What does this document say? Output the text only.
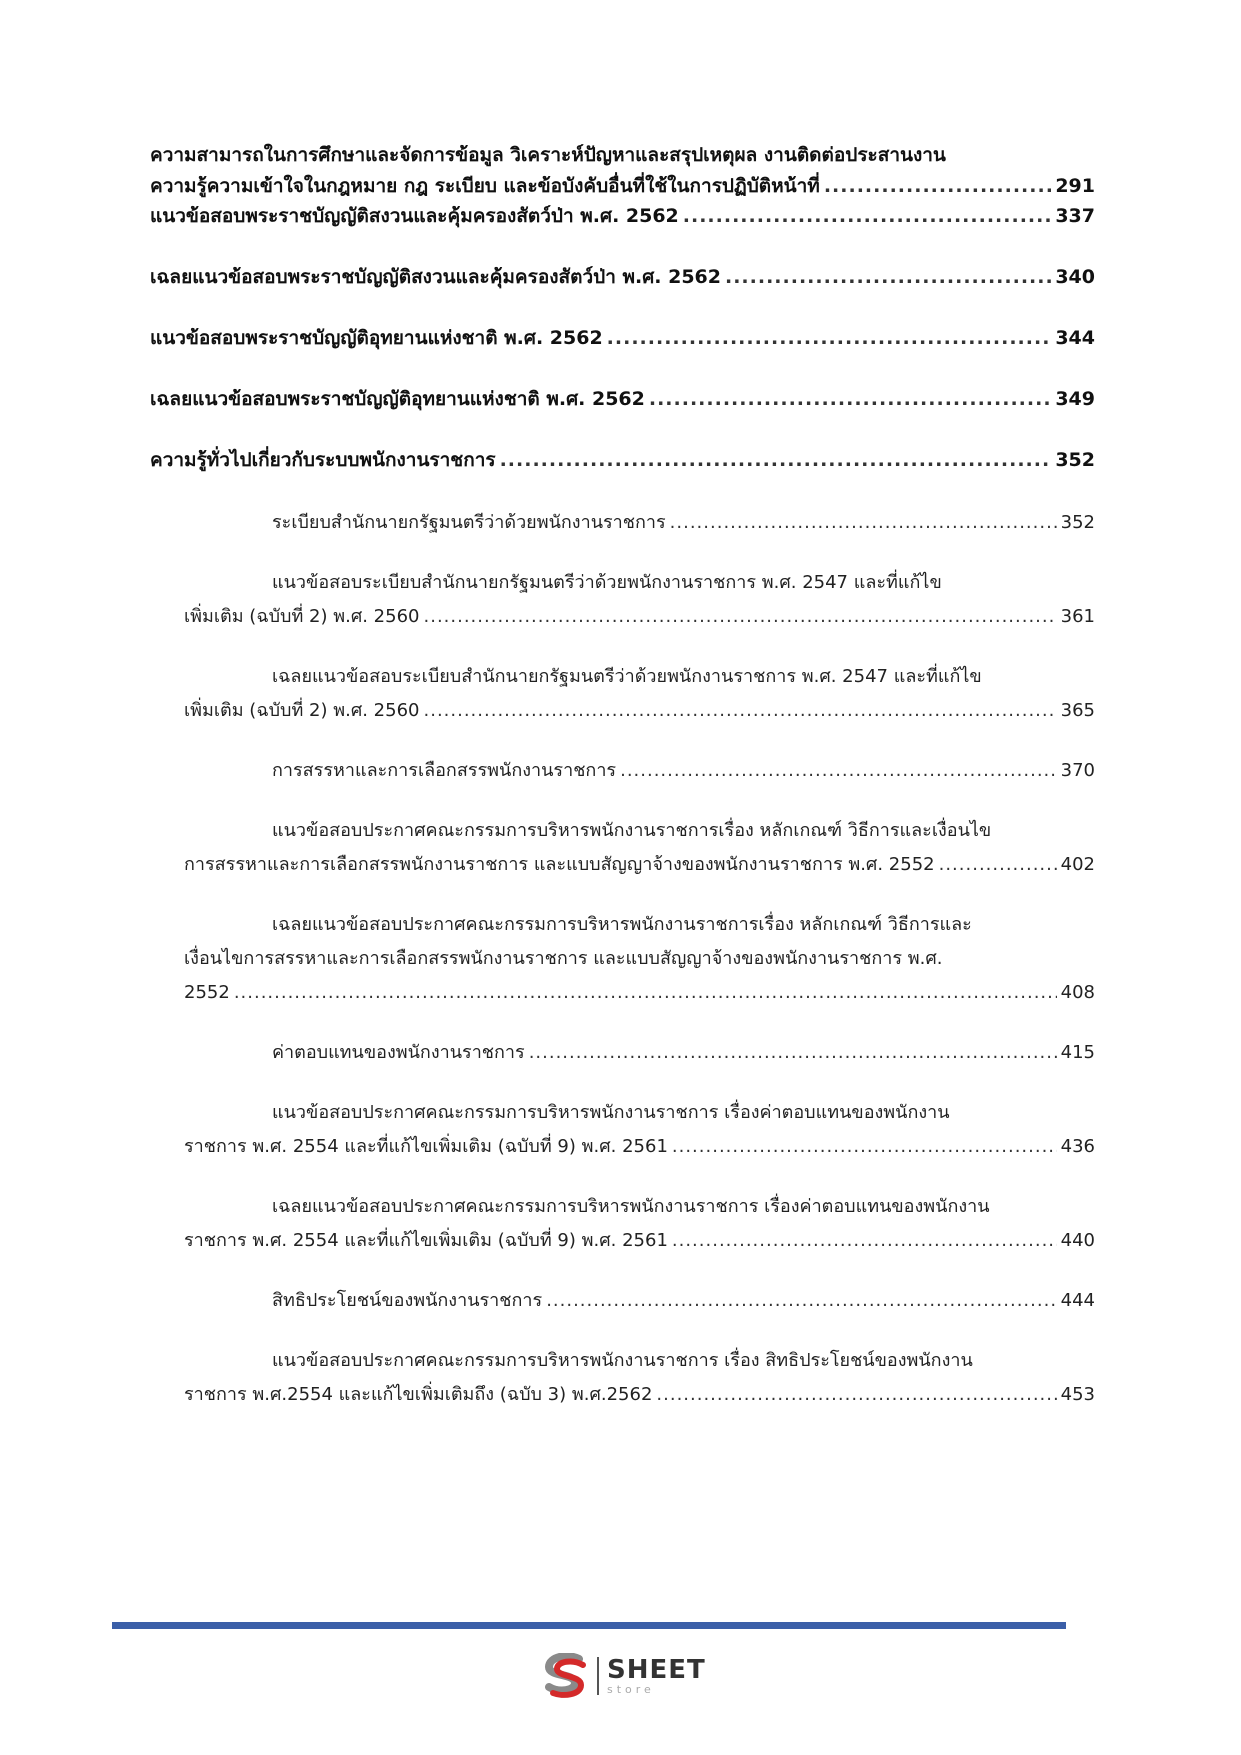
ความสามารถในการศึกษาและจัดการข้อมูล วิเคราะห์ปัญหาและสรุปเหตุผล งานติดต่อประสานงาน
ความรู้ความเข้าใจในกฎหมาย กฎ ระเบียบ และข้อบังคับอื่นที่ใช้ในการปฏิบัติหน้าที่ .....	291
แนวข้อสอบพระราชบัญญัติสงวนและคุ้มครองสัตว์ป่า พ.ศ. 2562 .....	337
เฉลยแนวข้อสอบพระราชบัญญัติสงวนและคุ้มครองสัตว์ป่า พ.ศ. 2562 .....	340
แนวข้อสอบพระราชบัญญัติอุทยานแห่งชาติ พ.ศ. 2562 .....	344
เฉลยแนวข้อสอบพระราชบัญญัติอุทยานแห่งชาติ พ.ศ. 2562 .....	349
ความรู้ทั่วไปเกี่ยวกับระบบพนักงานราชการ .....	352
ระเบียบสำนักนายกรัฐมนตรีว่าด้วยพนักงานราชการ .....	352
แนวข้อสอบระเบียบสำนักนายกรัฐมนตรีว่าด้วยพนักงานราชการ พ.ศ. 2547 และที่แก้ไข
เพิ่มเติม (ฉบับที่ 2) พ.ศ. 2560 .....	361
เฉลยแนวข้อสอบระเบียบสำนักนายกรัฐมนตรีว่าด้วยพนักงานราชการ พ.ศ. 2547 และที่แก้ไข
เพิ่มเติม (ฉบับที่ 2) พ.ศ. 2560 .....	365
การสรรหาและการเลือกสรรพนักงานราชการ .....	370
แนวข้อสอบประกาศคณะกรรมการบริหารพนักงานราชการเรื่อง หลักเกณฑ์ วิธีการและเงื่อนไข
การสรรหาและการเลือกสรรพนักงานราชการ และแบบสัญญาจ้างของพนักงานราชการ พ.ศ. 2552 .....	402
เฉลยแนวข้อสอบประกาศคณะกรรมการบริหารพนักงานราชการเรื่อง หลักเกณฑ์ วิธีการและ
เงื่อนไขการสรรหาและการเลือกสรรพนักงานราชการ และแบบสัญญาจ้างของพนักงานราชการ พ.ศ.
2552 .....	408
ค่าตอบแทนของพนักงานราชการ .....	415
แนวข้อสอบประกาศคณะกรรมการบริหารพนักงานราชการ เรื่องค่าตอบแทนของพนักงาน
ราชการ พ.ศ. 2554 และที่แก้ไขเพิ่มเติม (ฉบับที่ 9) พ.ศ. 2561 .....	436
เฉลยแนวข้อสอบประกาศคณะกรรมการบริหารพนักงานราชการ เรื่องค่าตอบแทนของพนักงาน
ราชการ พ.ศ. 2554 และที่แก้ไขเพิ่มเติม (ฉบับที่ 9) พ.ศ. 2561 .....	440
สิทธิประโยชน์ของพนักงานราชการ .....	444
แนวข้อสอบประกาศคณะกรรมการบริหารพนักงานราชการ เรื่อง สิทธิประโยชน์ของพนักงาน
ราชการ พ.ศ.2554 และแก้ไขเพิ่มเติมถึง (ฉบับ 3) พ.ศ.2562 .....	453
SHEET
store
